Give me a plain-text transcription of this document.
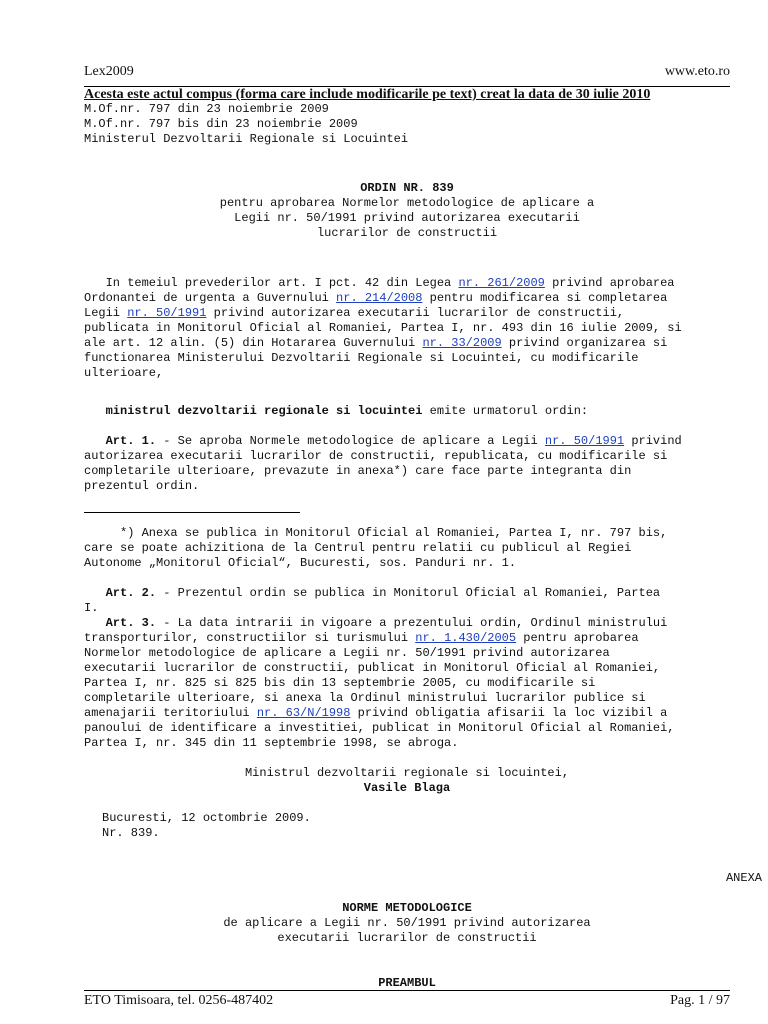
Lex2009	www.eto.ro
Acesta este actul compus (forma care include modificarile pe text) creat la data de 30 iulie 2010
M.Of.nr. 797 din 23 noiembrie 2009
M.Of.nr. 797 bis din 23 noiembrie 2009
Ministerul Dezvoltarii Regionale si Locuintei
ORDIN NR. 839
pentru aprobarea Normelor metodologice de aplicare a
Legii nr. 50/1991 privind autorizarea executarii
lucrarilor de constructii
In temeiul prevederilor art. I pct. 42 din Legea nr. 261/2009 privind aprobarea
Ordonantei de urgenta a Guvernului nr. 214/2008 pentru modificarea si completarea
Legii nr. 50/1991 privind autorizarea executarii lucrarilor de constructii,
publicata in Monitorul Oficial al Romaniei, Partea I, nr. 493 din 16 iulie 2009, si
ale art. 12 alin. (5) din Hotararea Guvernului nr. 33/2009 privind organizarea si
functionarea Ministerului Dezvoltarii Regionale si Locuintei, cu modificarile
ulterioare,
ministrul dezvoltarii regionale si locuintei emite urmatorul ordin:
Art. 1. - Se aproba Normele metodologice de aplicare a Legii nr. 50/1991 privind
autorizarea executarii lucrarilor de constructii, republicata, cu modificarile si
completarile ulterioare, prevazute in anexa*) care face parte integranta din
prezentul ordin.
*) Anexa se publica in Monitorul Oficial al Romaniei, Partea I, nr. 797 bis,
care se poate achizitiona de la Centrul pentru relatii cu publicul al Regiei
Autonome „Monitorul Oficial“, Bucuresti, sos. Panduri nr. 1.
Art. 2. - Prezentul ordin se publica in Monitorul Oficial al Romaniei, Partea
I.
Art. 3. - La data intrarii in vigoare a prezentului ordin, Ordinul ministrului
transporturilor, constructiilor si turismului nr. 1.430/2005 pentru aprobarea
Normelor metodologice de aplicare a Legii nr. 50/1991 privind autorizarea
executarii lucrarilor de constructii, publicat in Monitorul Oficial al Romaniei,
Partea I, nr. 825 si 825 bis din 13 septembrie 2005, cu modificarile si
completarile ulterioare, si anexa la Ordinul ministrului lucrarilor publice si
amenajarii teritoriului nr. 63/N/1998 privind obligatia afisarii la loc vizibil a
panoului de identificare a investitiei, publicat in Monitorul Oficial al Romaniei,
Partea I, nr. 345 din 11 septembrie 1998, se abroga.
Ministrul dezvoltarii regionale si locuintei,
Vasile Blaga
Bucuresti, 12 octombrie 2009.
Nr. 839.
ANEXA
NORME METODOLOGICE
de aplicare a Legii nr. 50/1991 privind autorizarea
executarii lucrarilor de constructii
PREAMBUL
ETO Timisoara, tel. 0256-487402	Pag. 1 / 97
